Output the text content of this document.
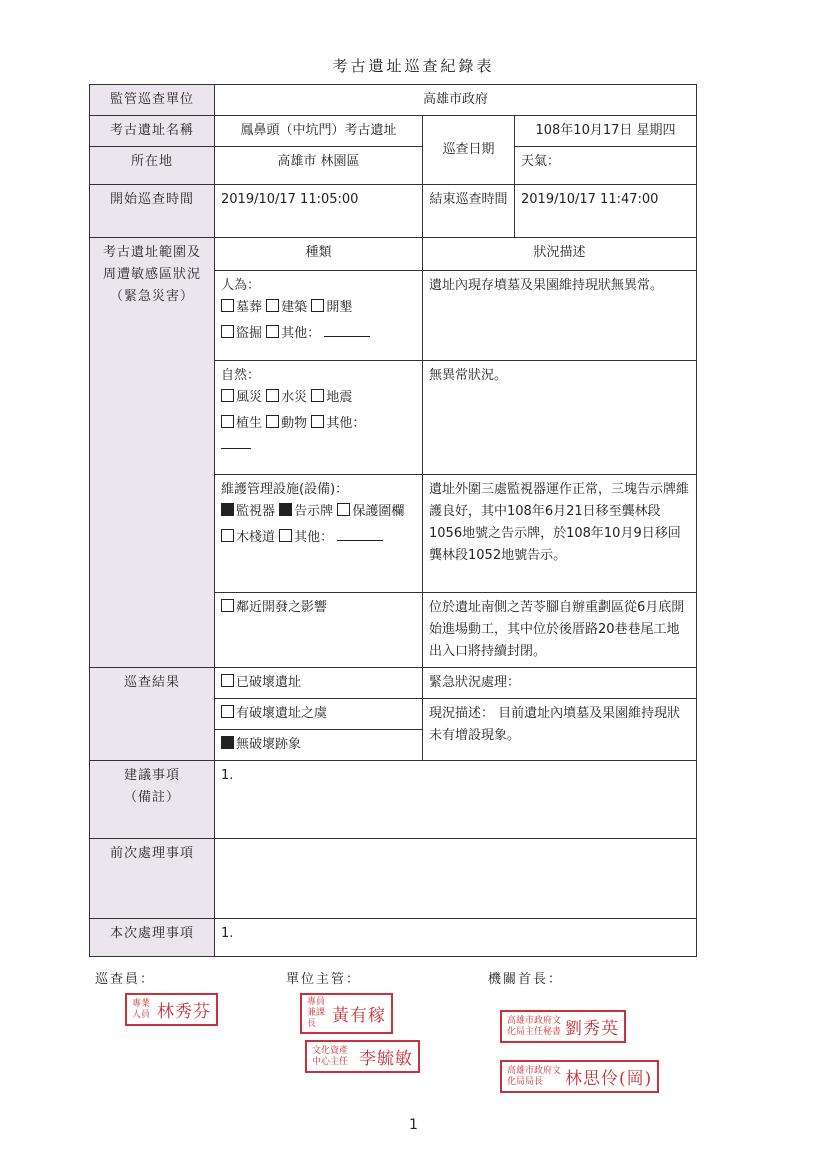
考古遺址巡查紀錄表
監管巡查單位	高雄市政府		
考古遺址名稱	鳳鼻頭（中坑門）考古遺址	巡查日期	108年10月17日 星期四
所在地	高雄市 林園區		天氣：
開始巡查時間	2019/10/17 11:05:00	結束巡查時間	2019/10/17 11:47:00

考古遺址範圍及
周遭敏感區狀況
（緊急災害）	種類	狀況描述	

	人為：
墓葬 建築 開墾
盜掘 其他：	遺址內現存墳墓及果園維持現狀無異常。	

	自然：
風災 水災 地震
植生 動物 其他：	無異常狀況。	

	維護管理設施(設備)：
監視器 告示牌 保護圍欄
木棧道 其他：	遺址外圍三處監視器運作正常，三塊告示牌維護良好，其中108年6月21日移至龔林段1056地號之告示牌，於108年10月9日移回龔林段1052地號告示。	
	鄰近開發之影響	位於遺址南側之苦苓腳自辦重劃區從6月底開始進場動工，其中位於後厝路20巷巷尾工地出入口將持續封閉。	
巡查結果	已破壞遺址	緊急狀況處理：	
	有破壞遺址之虞	現況描述： 目前遺址內墳墓及果園維持現狀未有增設現象。	
	無破壞跡象		

建議事項
（備註）	1.		
前次處理事項			
本次處理事項	1.		
巡查員：	單位主管：	機關首長：
專業人員 林秀芬	專員兼課長 黃有稼
文化資產中心主任 李毓敏
高雄市政府文化局主任秘書 劉秀英
高雄市政府文化局局長	林思伶(岡)
1
